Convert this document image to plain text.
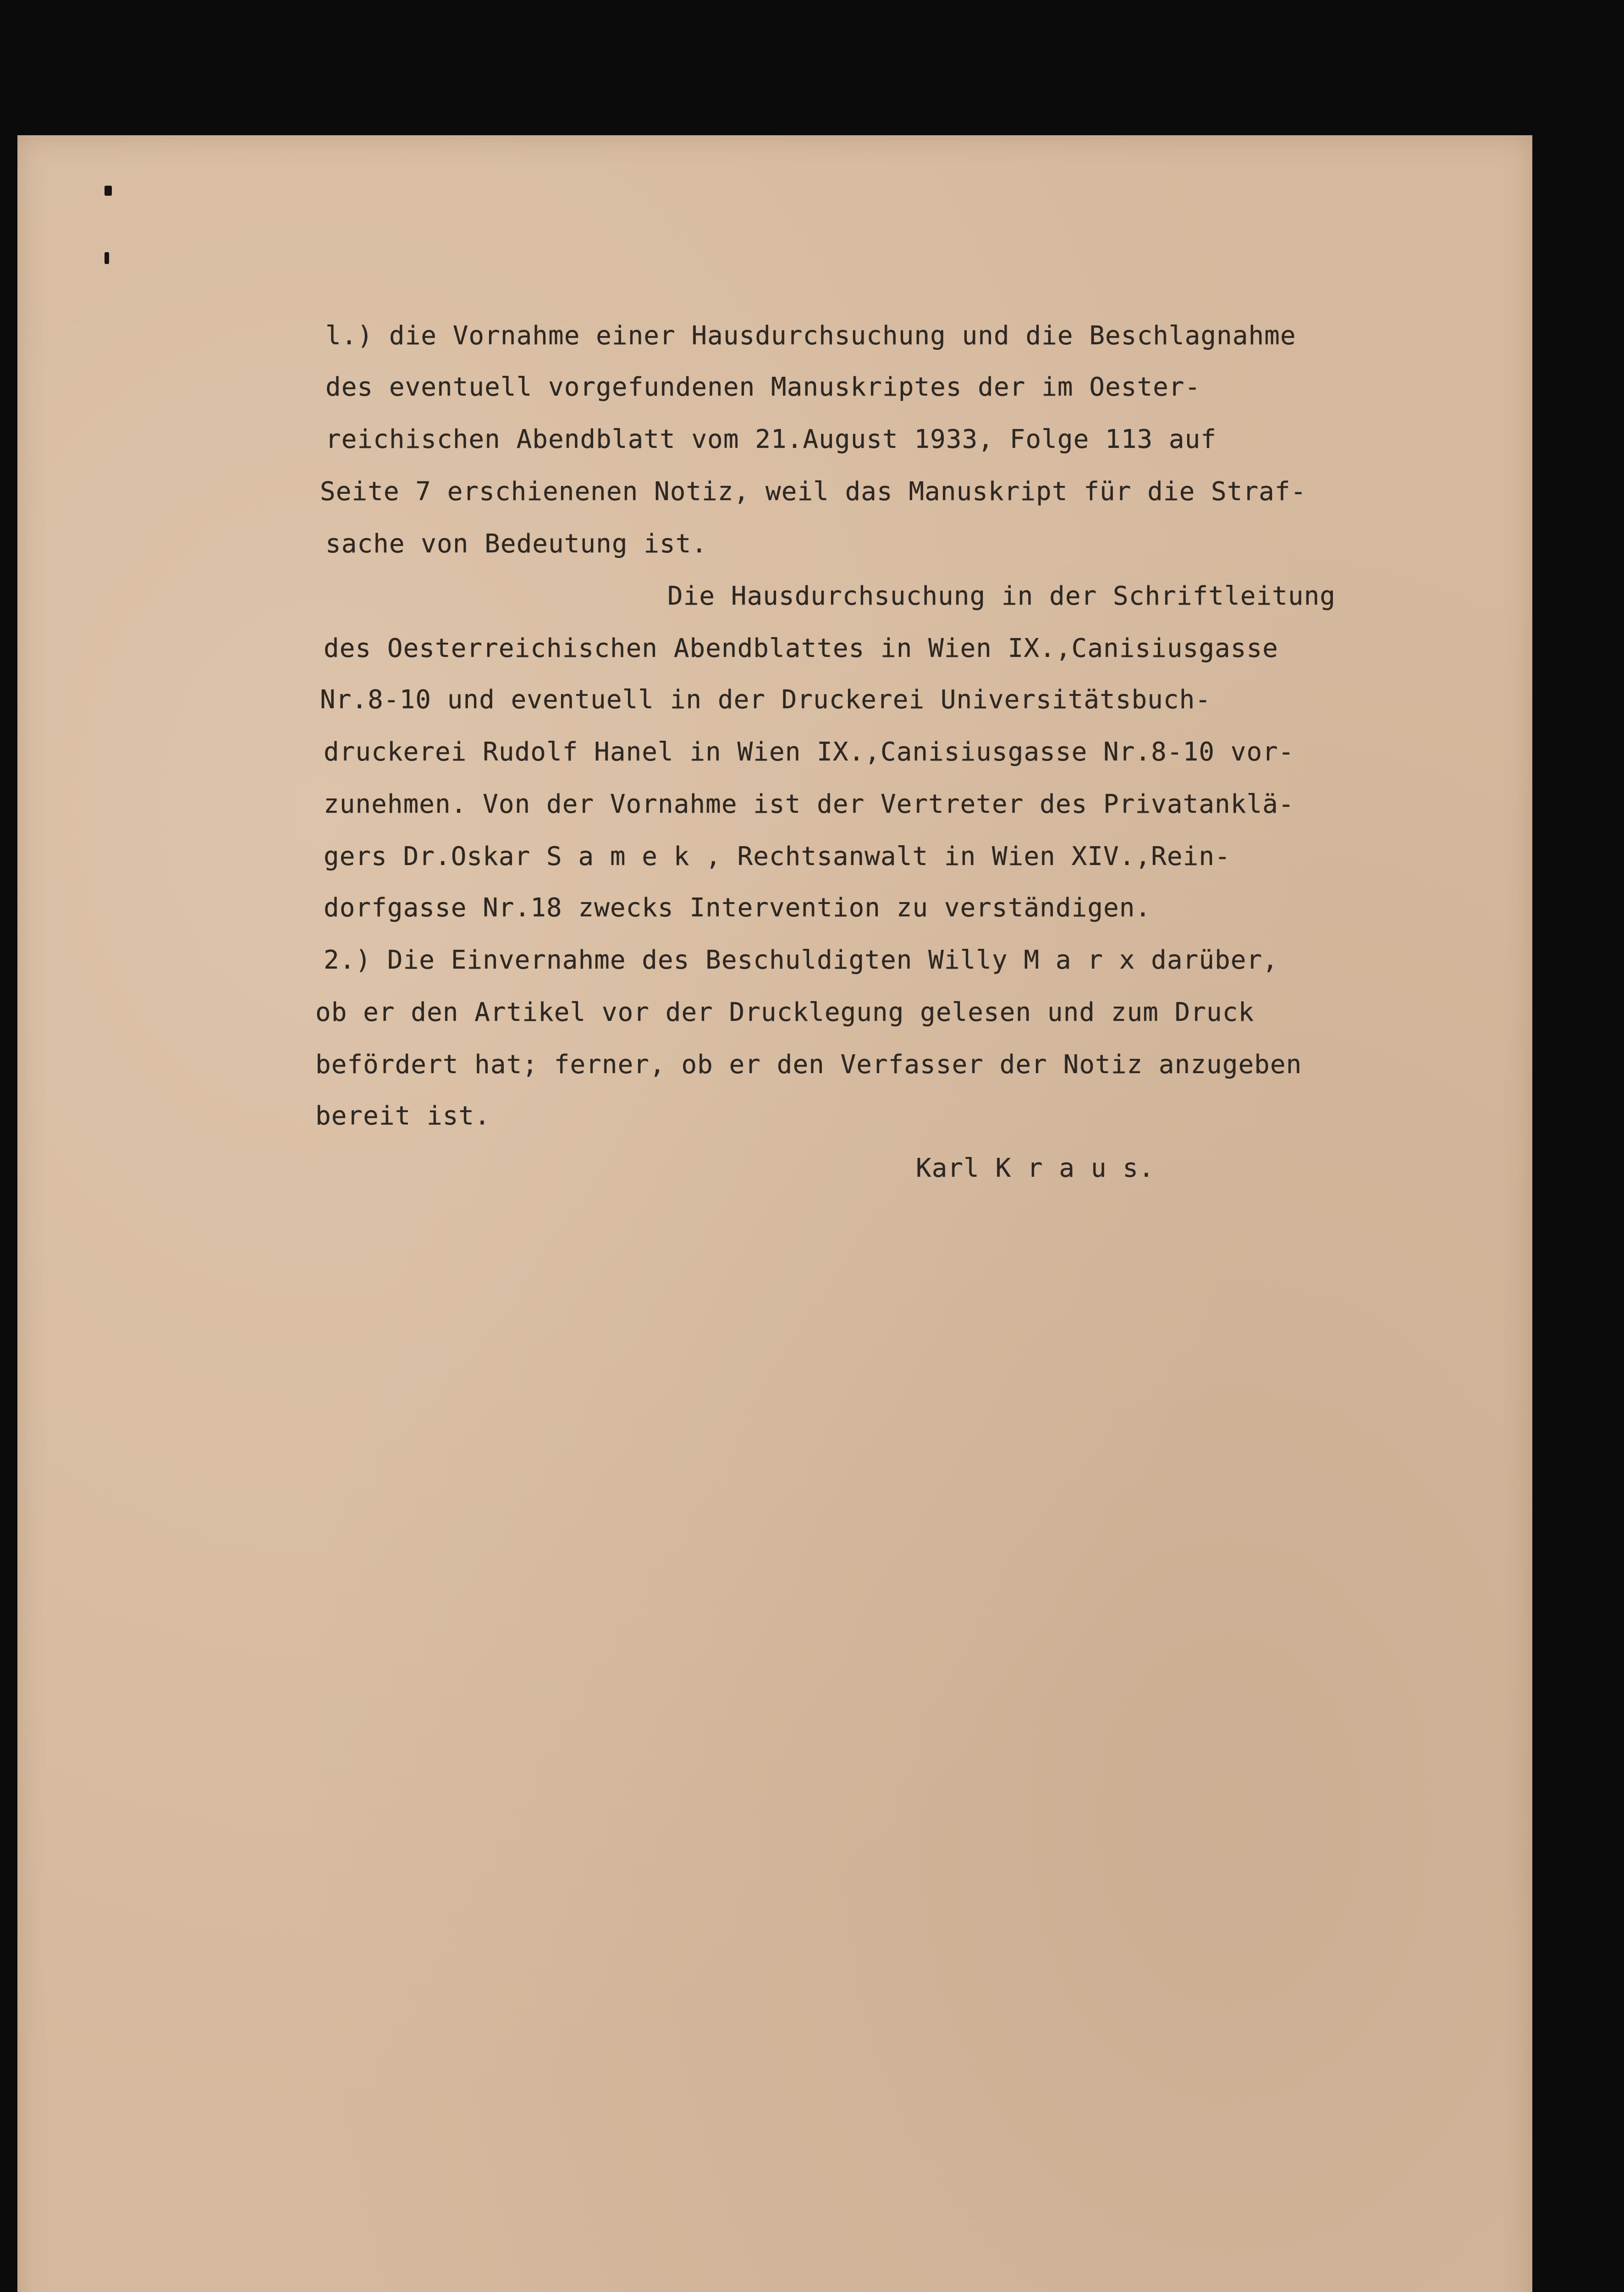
l.) die Vornahme einer Hausdurchsuchung und die Beschlagnahme
des eventuell vorgefundenen Manuskriptes der im Oester-
reichischen Abendblatt vom 21.August 1933, Folge 113 auf
Seite 7 erschienenen Notiz, weil das Manuskript für die Straf-
sache von Bedeutung ist.
Die Hausdurchsuchung in der Schriftleitung
des Oesterreichischen Abendblattes in Wien IX.,Canisiusgasse
Nr.8-10 und eventuell in der Druckerei Universitätsbuch-
druckerei Rudolf Hanel in Wien IX.,Canisiusgasse Nr.8-10 vor-
zunehmen. Von der Vornahme ist der Vertreter des Privatanklä-
gers Dr.Oskar S a m e k , Rechtsanwalt in Wien XIV.,Rein-
dorfgasse Nr.18 zwecks Intervention zu verständigen.
2.) Die Einvernahme des Beschuldigten Willy M a r x darüber,
ob er den Artikel vor der Drucklegung gelesen und zum Druck
befördert hat; ferner, ob er den Verfasser der Notiz anzugeben
bereit ist.
Karl K r a u s.
